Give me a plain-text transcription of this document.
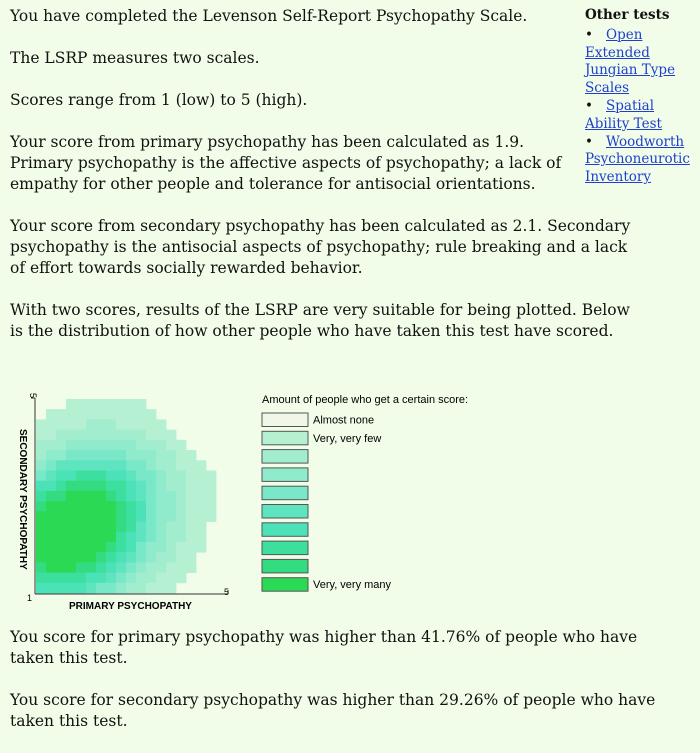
You have completed the Levenson Self-Report Psychopathy Scale.

The LSRP measures two scales.

Scores range from 1 (low) to 5 (high).

Your score from primary psychopathy has been calculated as 1.9. Primary psychopathy is the affective aspects of psychopathy; a lack of empathy for other people and tolerance for antisocial orientations.

Your score from secondary psychopathy has been calculated as 2.1. Secondary psychopathy is the antisocial aspects of psychopathy; rule breaking and a lack of effort towards socially rewarded behavior.

With two scores, results of the LSRP are very suitable for being plotted. Below is the distribution of how other people who have taken this test have scored.

Other tests
• Open Extended Jungian Type Scales
• Spatial Ability Test
• Woodworth Psychoneurotic Inventory
5
1
5
PRIMARY PSYCHOPATHY
SECONDARY PSYCHOPATHY
Amount of people who get a certain score:
Almost none
Very, very few
Very, very many

You score for primary psychopathy was higher than 41.76% of people who have taken this test.

You score for secondary psychopathy was higher than 29.26% of people who have taken this test.
